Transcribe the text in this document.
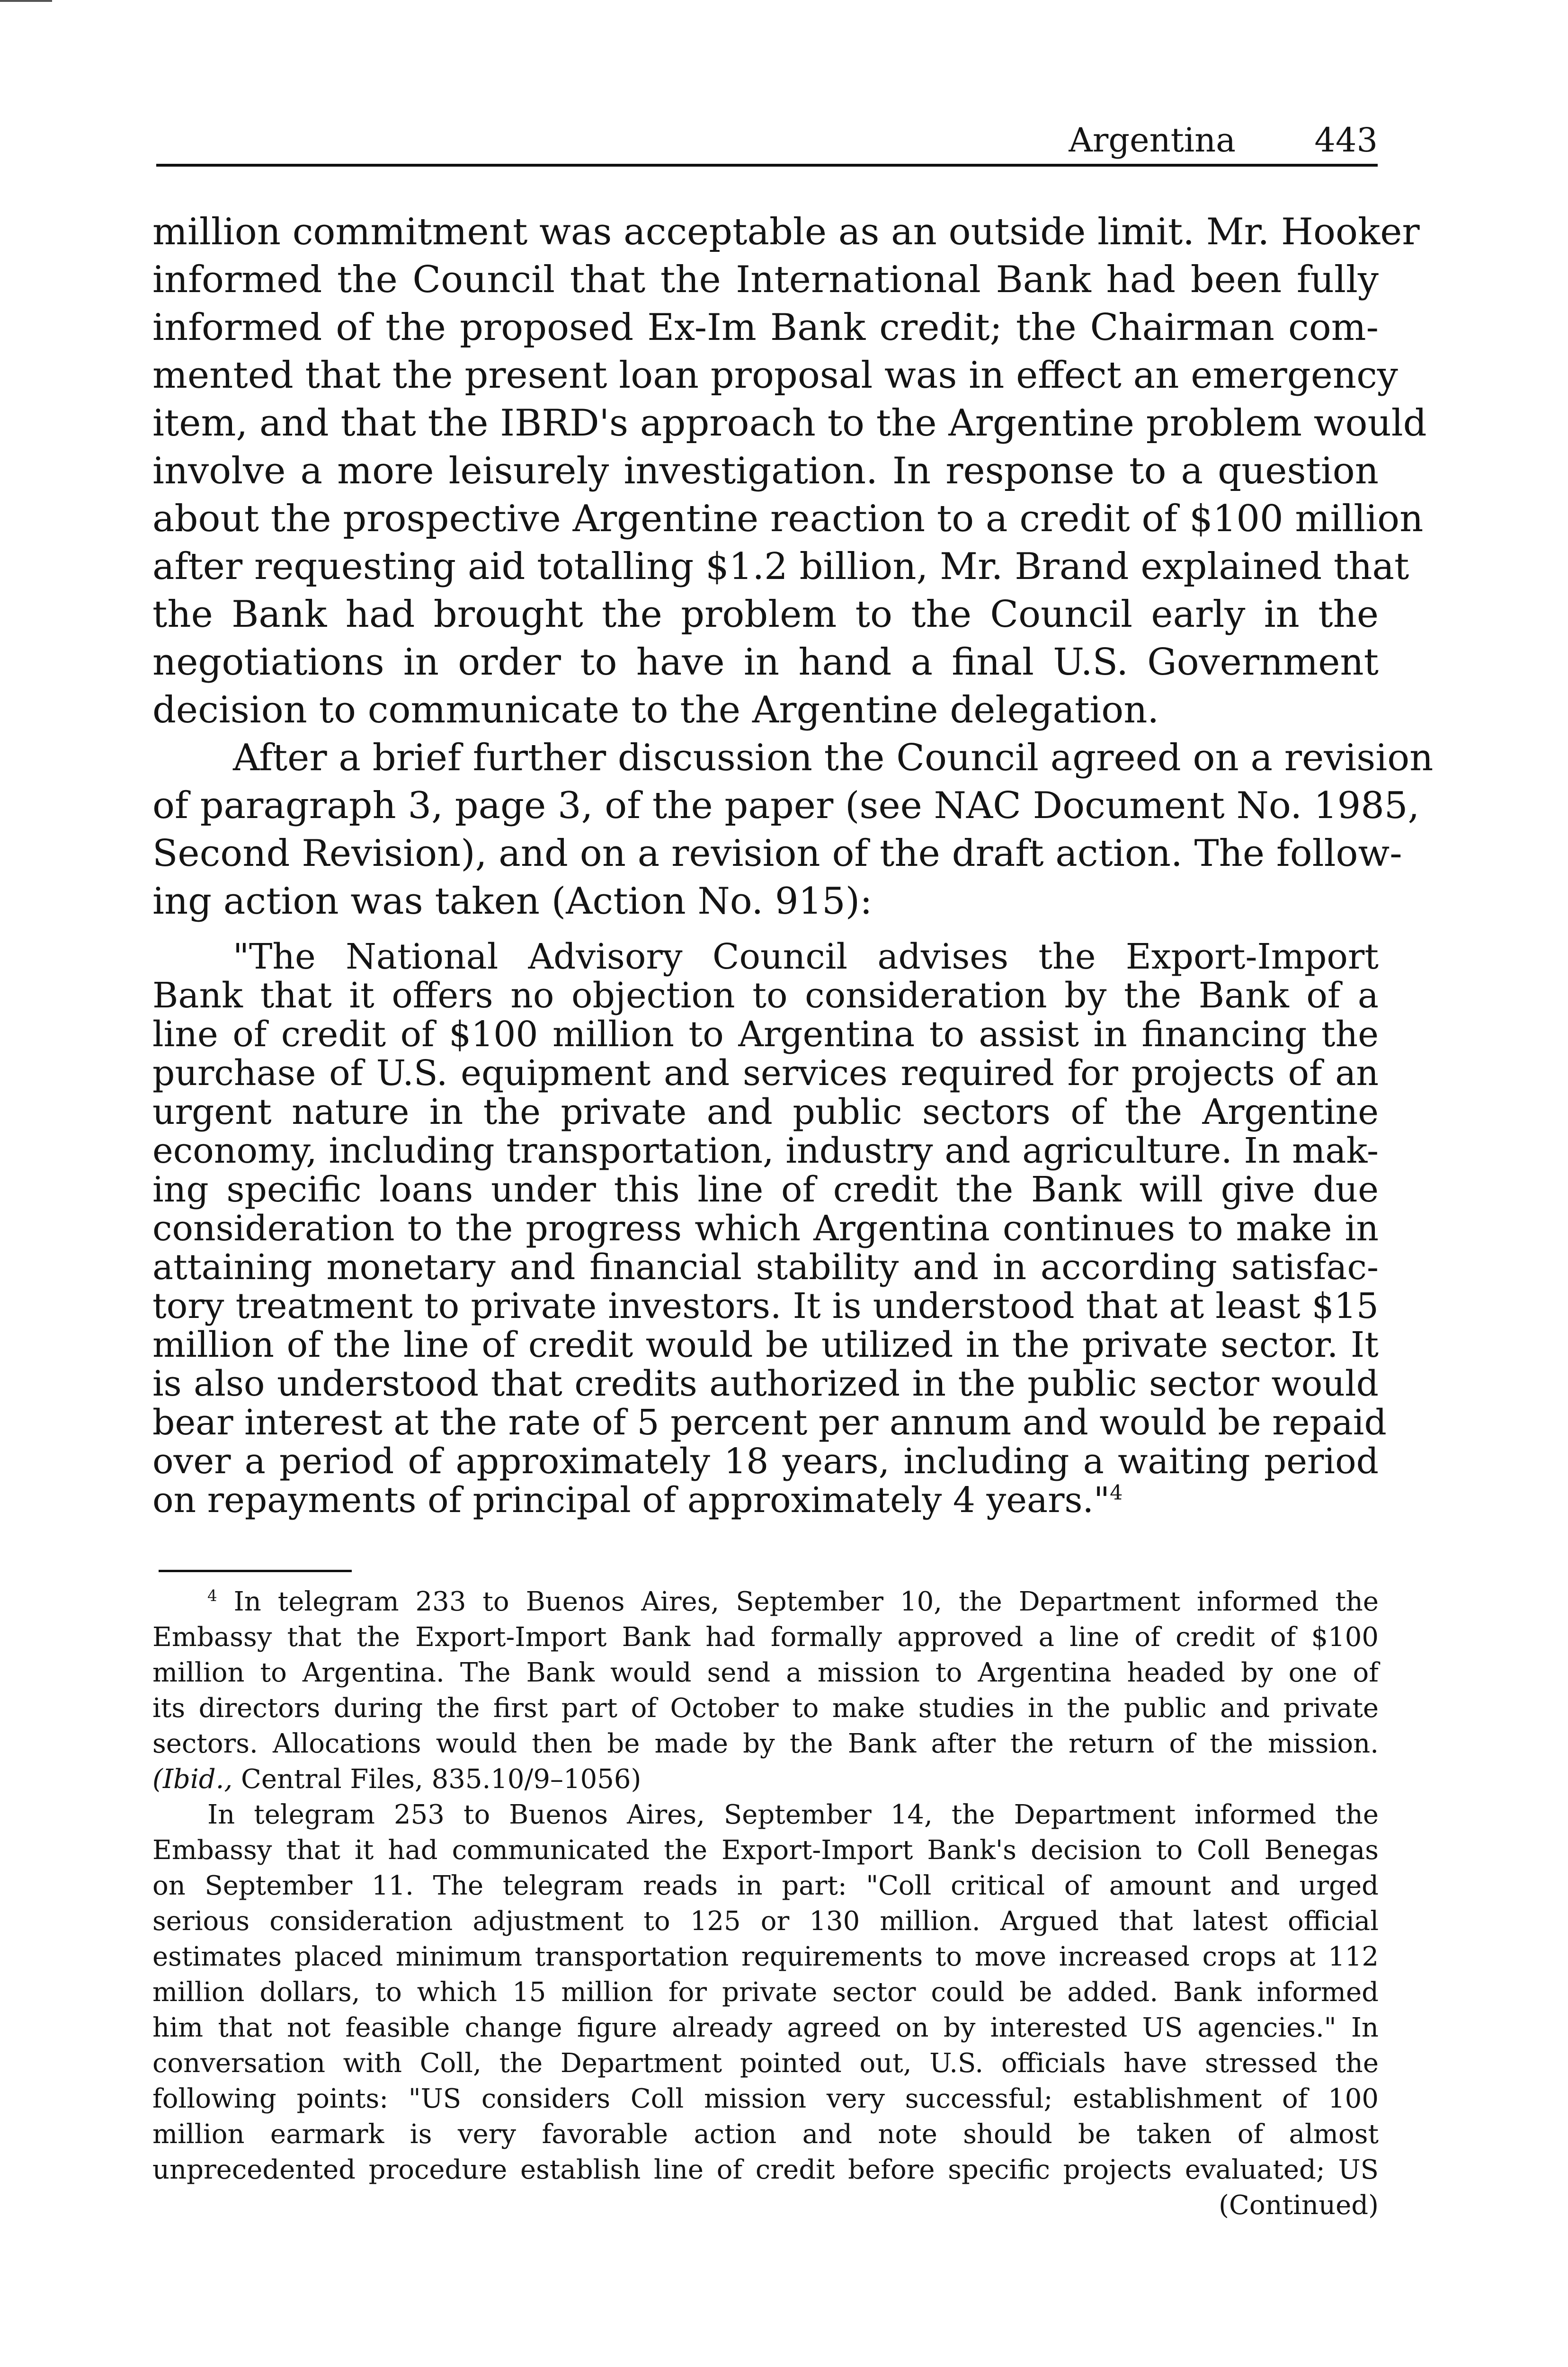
Argentina 443

million commitment was acceptable as an outside limit. Mr. Hooker

informed the Council that the International Bank had been fully

informed of the proposed Ex-Im Bank credit; the Chairman com-

mented that the present loan proposal was in effect an emergency

item, and that the IBRD's approach to the Argentine problem would

involve a more leisurely investigation. In response to a question

about the prospective Argentine reaction to a credit of $100 million

after requesting aid totalling $1.2 billion, Mr. Brand explained that

the Bank had brought the problem to the Council early in the

negotiations in order to have in hand a final U.S. Government

decision to communicate to the Argentine delegation.

After a brief further discussion the Council agreed on a revision

of paragraph 3, page 3, of the paper (see NAC Document No. 1985,

Second Revision), and on a revision of the draft action. The follow-

ing action was taken (Action No. 915):

"The National Advisory Council advises the Export-Import

Bank that it offers no objection to consideration by the Bank of a

line of credit of $100 million to Argentina to assist in financing the

purchase of U.S. equipment and services required for projects of an

urgent nature in the private and public sectors of the Argentine

economy, including transportation, industry and agriculture. In mak-

ing specific loans under this line of credit the Bank will give due

consideration to the progress which Argentina continues to make in

attaining monetary and financial stability and in according satisfac-

tory treatment to private investors. It is understood that at least $15

million of the line of credit would be utilized in the private sector. It

is also understood that credits authorized in the public sector would

bear interest at the rate of 5 percent per annum and would be repaid

over a period of approximately 18 years, including a waiting period

on repayments of principal of approximately 4 years."$^4$

$^4$ In telegram 233 to Buenos Aires, September 10, the Department informed the

Embassy that the Export-Import Bank had formally approved a line of credit of $100

million to Argentina. The Bank would send a mission to Argentina headed by one of

its directors during the first part of October to make studies in the public and private

sectors. Allocations would then be made by the Bank after the return of the mission.

(Ibid., Central Files, 835.10/9–1056)

In telegram 253 to Buenos Aires, September 14, the Department informed the

Embassy that it had communicated the Export-Import Bank's decision to Coll Benegas

on September 11. The telegram reads in part: "Coll critical of amount and urged

serious consideration adjustment to 125 or 130 million. Argued that latest official

estimates placed minimum transportation requirements to move increased crops at 112

million dollars, to which 15 million for private sector could be added. Bank informed

him that not feasible change figure already agreed on by interested US agencies." In

conversation with Coll, the Department pointed out, U.S. officials have stressed the

following points: "US considers Coll mission very successful; establishment of 100

million earmark is very favorable action and note should be taken of almost

unprecedented procedure establish line of credit before specific projects evaluated; US

(Continued)
